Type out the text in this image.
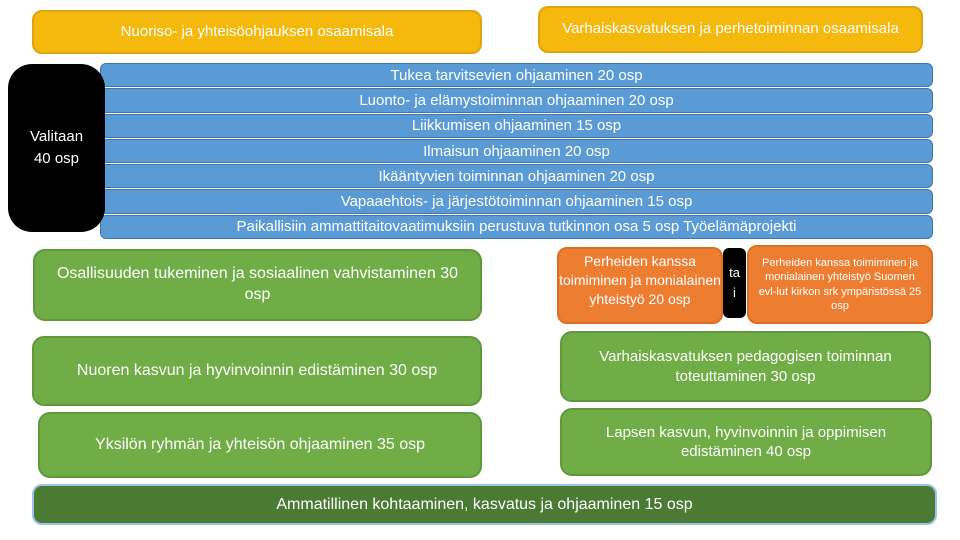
Nuoriso- ja yhteisöohjauksen osaamisala	Varhaiskasvatuksen ja perhetoiminnan osaamisala
Tukea tarvitsevien ohjaaminen 20 osp
Luonto- ja elämystoiminnan ohjaaminen 20 osp
Liikkumisen ohjaaminen 15 osp
Ilmaisun ohjaaminen 20 osp
Ikääntyvien toiminnan ohjaaminen 20 osp
Vapaaehtois- ja järjestötoiminnan ohjaaminen 15 osp
Paikallisiin ammattitaitovaatimuksiin perustuva tutkinnon osa 5 osp Työelämäprojekti
Valitaan
40 osp
Osallisuuden tukeminen ja sosiaalinen vahvistaminen 30 osp
Nuoren kasvun ja hyvinvoinnin edistäminen 30 osp
Yksilön ryhmän ja yhteisön ohjaaminen 35 osp
Perheiden kanssa toimiminen ja monialainen yhteistyö 20 osp
tai
Perheiden kanssa toimiminen ja monialainen yhteistyö Suomen evl-lut kirkon srk ympäristössä 25 osp
Varhaiskasvatuksen pedagogisen toiminnan toteuttaminen 30 osp
Lapsen kasvun, hyvinvoinnin ja oppimisen edistäminen 40 osp
Ammatillinen kohtaaminen, kasvatus ja ohjaaminen 15 osp
